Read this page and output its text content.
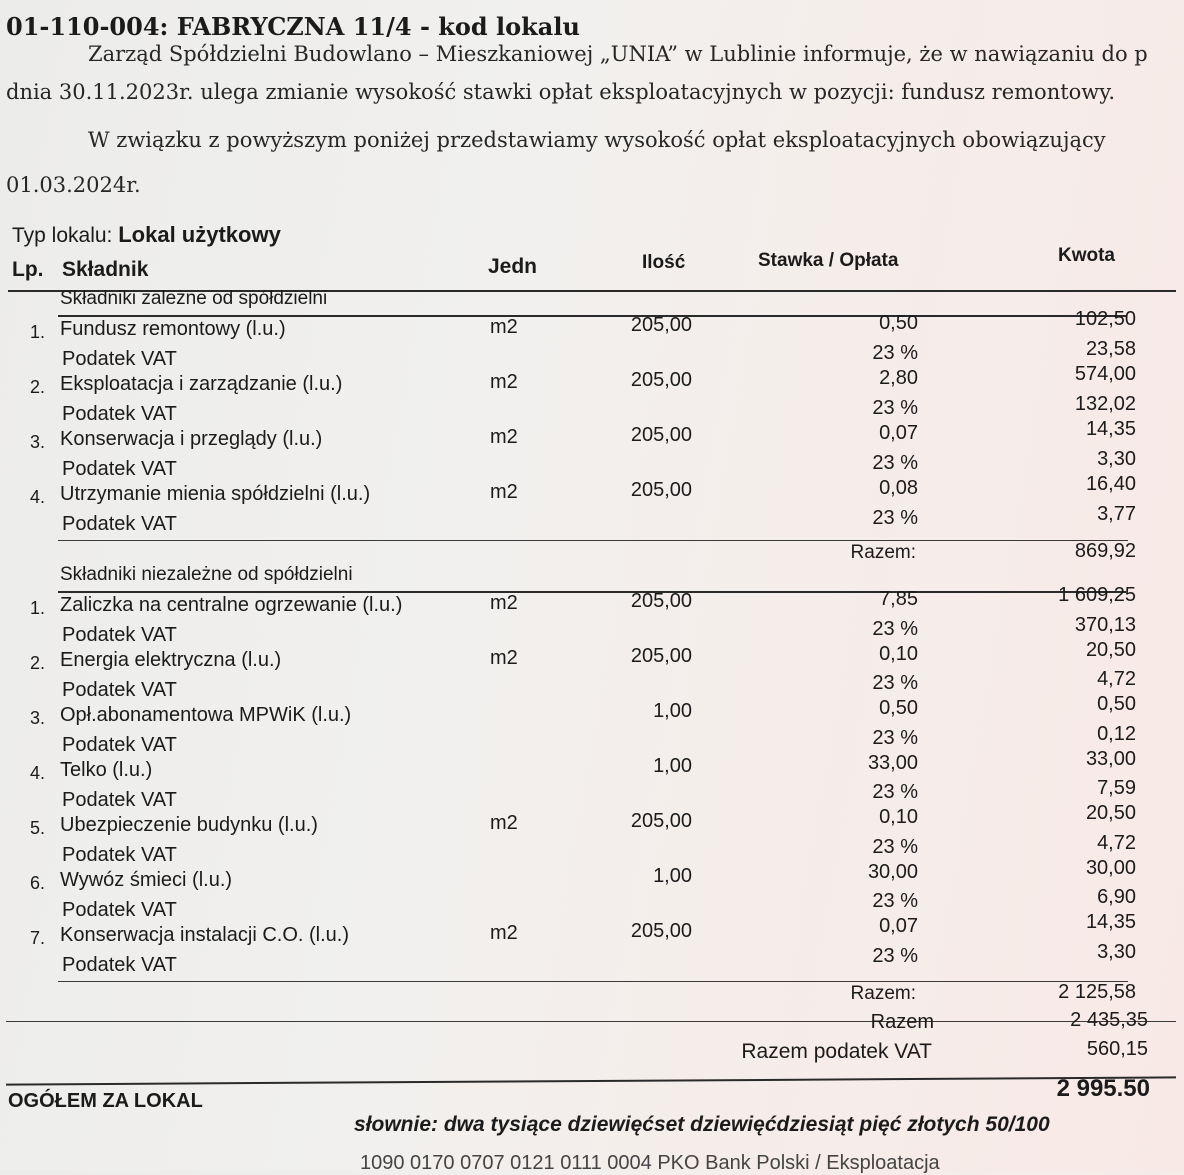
01-110-004: FABRYCZNA 11/4 - kod lokalu
Zarząd Spółdzielni Budowlano – Mieszkaniowej „UNIA” w Lublinie informuje, że w nawiązaniu do p
dnia 30.11.2023r. ulega zmianie wysokość stawki opłat eksploatacyjnych w pozycji: fundusz remontowy.
W związku z powyższym poniżej przedstawiamy wysokość opłat eksploatacyjnych obowiązujący
01.03.2024r.
Typ lokalu: Lokal użytkowy
Lp. Składnik	Jedn	Ilość	Stawka / Opłata	Kwota
Składniki zależne od spółdzielni
1. Fundusz remontowy (l.u.)	m2	205,00	0,50	102,50
Podatek VAT	23 %	23,58
2. Eksploatacja i zarządzanie (l.u.)	m2	205,00	2,80	574,00
Podatek VAT	23 %	132,02
3. Konserwacja i przeglądy (l.u.)	m2	205,00	0,07	14,35
Podatek VAT	23 %	3,30
4. Utrzymanie mienia spółdzielni (l.u.)	m2	205,00	0,08	16,40
Podatek VAT	23 %	3,77
Razem:	869,92
Składniki niezależne od spółdzielni
1. Zaliczka na centralne ogrzewanie (l.u.)	m2	205,00	7,85	1 609,25
Podatek VAT	23 %	370,13
2. Energia elektryczna (l.u.)	m2	205,00	0,10	20,50
Podatek VAT	23 %	4,72
3. Opł.abonamentowa MPWiK (l.u.)	1,00	0,50	0,50
Podatek VAT	23 %	0,12
4. Telko (l.u.)	1,00	33,00	33,00
Podatek VAT	23 %	7,59
5. Ubezpieczenie budynku (l.u.)	m2	205,00	0,10	20,50
Podatek VAT	23 %	4,72
6. Wywóz śmieci (l.u.)	1,00	30,00	30,00
Podatek VAT	23 %	6,90
7. Konserwacja instalacji C.O. (l.u.)	m2	205,00	0,07	14,35
Podatek VAT	23 %	3,30
Razem:	2 125,58
Razem	2 435,35
Razem podatek VAT	560,15
OGÓŁEM ZA LOKAL	2 995.50
słownie: dwa tysiące dziewięćset dziewięćdziesiąt pięć złotych 50/100
1090 0170 0707 0121 0111 0004 PKO Bank Polski / Eksploatacja
